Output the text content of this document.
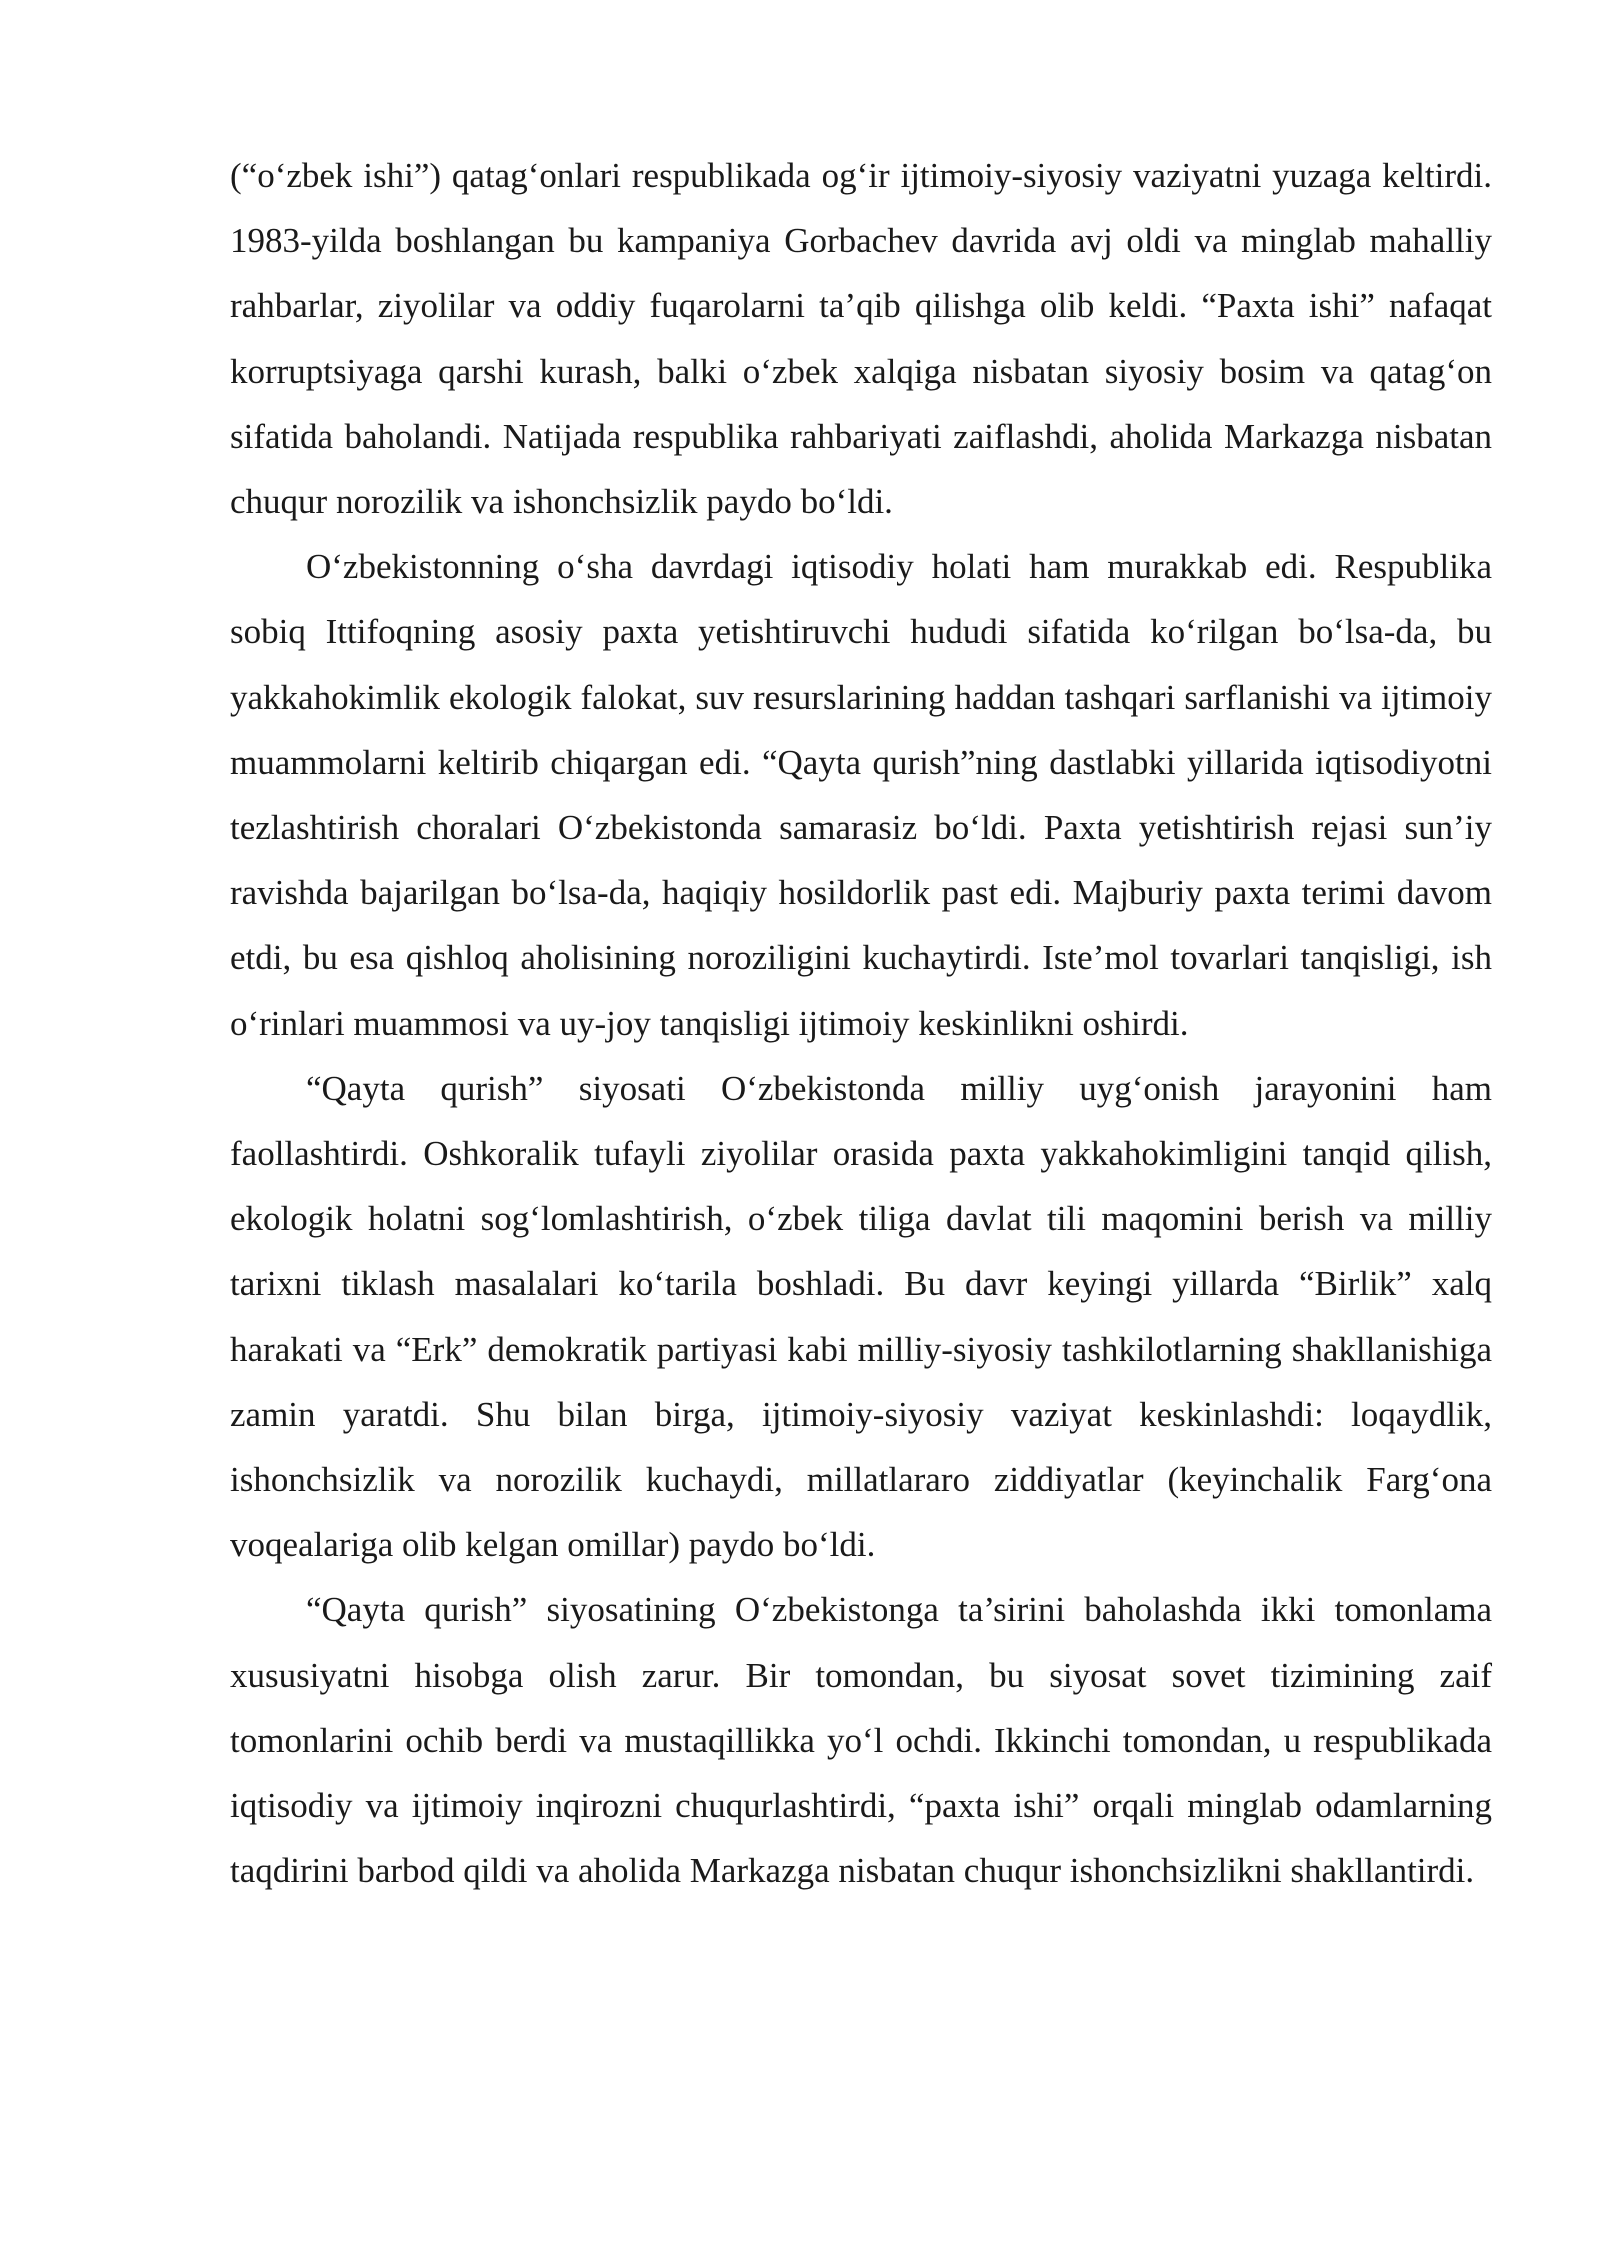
(“o‘zbek ishi”) qatag‘onlari respublikada og‘ir ijtimoiy-siyosiy vaziyatni yuzaga keltirdi. 1983-yilda boshlangan bu kampaniya Gorbachev davrida avj oldi va minglab mahalliy rahbarlar, ziyolilar va oddiy fuqarolarni ta’qib qilishga olib keldi. “Paxta ishi” nafaqat korruptsiyaga qarshi kurash, balki o‘zbek xalqiga nisbatan siyosiy bosim va qatag‘on sifatida baholandi. Natijada respublika rahbariyati zaiflashdi, aholida Markazga nisbatan chuqur norozilik va ishonchsizlik paydo bo‘ldi.

O‘zbekistonning o‘sha davrdagi iqtisodiy holati ham murakkab edi. Respublika sobiq Ittifoqning asosiy paxta yetishtiruvchi hududi sifatida ko‘rilgan bo‘lsa-da, bu yakkahokimlik ekologik falokat, suv resurslarining haddan tashqari sarflanishi va ijtimoiy muammolarni keltirib chiqargan edi. “Qayta qurish”ning dastlabki yillarida iqtisodiyotni tezlashtirish choralari O‘zbekistonda samarasiz bo‘ldi. Paxta yetishtirish rejasi sun’iy ravishda bajarilgan bo‘lsa-da, haqiqiy hosildorlik past edi. Majburiy paxta terimi davom etdi, bu esa qishloq aholisining noroziligini kuchaytirdi. Iste’mol tovarlari tanqisligi, ish o‘rinlari muammosi va uy-joy tanqisligi ijtimoiy keskinlikni oshirdi.

“Qayta qurish” siyosati O‘zbekistonda milliy uyg‘onish jarayonini ham faollashtirdi. Oshkoralik tufayli ziyolilar orasida paxta yakkahokimligini tanqid qilish, ekologik holatni sog‘lomlashtirish, o‘zbek tiliga davlat tili maqomini berish va milliy tarixni tiklash masalalari ko‘tarila boshladi. Bu davr keyingi yillarda “Birlik” xalq harakati va “Erk” demokratik partiyasi kabi milliy-siyosiy tashkilotlarning shakllanishiga zamin yaratdi. Shu bilan birga, ijtimoiy-siyosiy vaziyat keskinlashdi: loqaydlik, ishonchsizlik va norozilik kuchaydi, millatlararo ziddiyatlar (keyinchalik Farg‘ona voqealariga olib kelgan omillar) paydo bo‘ldi.

“Qayta qurish” siyosatining O‘zbekistonga ta’sirini baholashda ikki tomonlama xususiyatni hisobga olish zarur. Bir tomondan, bu siyosat sovet tizimining zaif tomonlarini ochib berdi va mustaqillikka yo‘l ochdi. Ikkinchi tomondan, u respublikada iqtisodiy va ijtimoiy inqirozni chuqurlashtirdi, “paxta ishi” orqali minglab odamlarning taqdirini barbod qildi va aholida Markazga nisbatan chuqur ishonchsizlikni shakllantirdi.
